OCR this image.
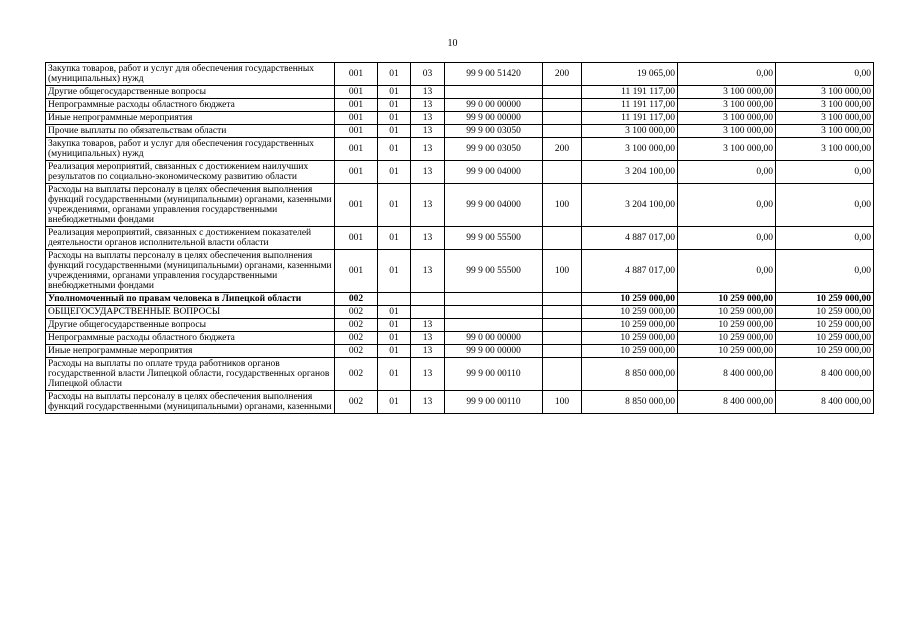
10
Закупка товаров, работ и услуг для обеспечения государственных (муниципальных) нужд	001	01	03	99 9 00 51420	200	19 065,00	0,00	0,00
Другие общегосударственные вопросы	001	01	13			11 191 117,00	3 100 000,00	3 100 000,00
Непрограммные расходы областного бюджета	001	01	13	99 0 00 00000		11 191 117,00	3 100 000,00	3 100 000,00
Иные непрограммные мероприятия	001	01	13	99 9 00 00000		11 191 117,00	3 100 000,00	3 100 000,00
Прочие выплаты по обязательствам области	001	01	13	99 9 00 03050		3 100 000,00	3 100 000,00	3 100 000,00
Закупка товаров, работ и услуг для обеспечения государственных (муниципальных) нужд	001	01	13	99 9 00 03050	200	3 100 000,00	3 100 000,00	3 100 000,00
Реализация мероприятий, связанных с достижением наилучших результатов по социально-экономическому развитию области	001	01	13	99 9 00 04000		3 204 100,00	0,00	0,00
Расходы на выплаты персоналу в целях обеспечения выполнения функций государственными (муниципальными) органами, казенными учреждениями, органами управления государственными внебюджетными фондами	001	01	13	99 9 00 04000	100	3 204 100,00	0,00	0,00
Реализация мероприятий, связанных с достижением показателей деятельности органов исполнительной власти области	001	01	13	99 9 00 55500		4 887 017,00	0,00	0,00
Расходы на выплаты персоналу в целях обеспечения выполнения функций государственными (муниципальными) органами, казенными учреждениями, органами управления государственными внебюджетными фондами	001	01	13	99 9 00 55500	100	4 887 017,00	0,00	0,00
Уполномоченный по правам человека в Липецкой области	002					10 259 000,00	10 259 000,00	10 259 000,00
ОБЩЕГОСУДАРСТВЕННЫЕ ВОПРОСЫ	002	01				10 259 000,00	10 259 000,00	10 259 000,00
Другие общегосударственные вопросы	002	01	13			10 259 000,00	10 259 000,00	10 259 000,00
Непрограммные расходы областного бюджета	002	01	13	99 0 00 00000		10 259 000,00	10 259 000,00	10 259 000,00
Иные непрограммные мероприятия	002	01	13	99 9 00 00000		10 259 000,00	10 259 000,00	10 259 000,00
Расходы на выплаты по оплате труда работников органов государственной власти Липецкой области, государственных органов Липецкой области	002	01	13	99 9 00 00110		8 850 000,00	8 400 000,00	8 400 000,00
Расходы на выплаты персоналу в целях обеспечения выполнения функций государственными (муниципальными) органами, казенными	002	01	13	99 9 00 00110	100	8 850 000,00	8 400 000,00	8 400 000,00
